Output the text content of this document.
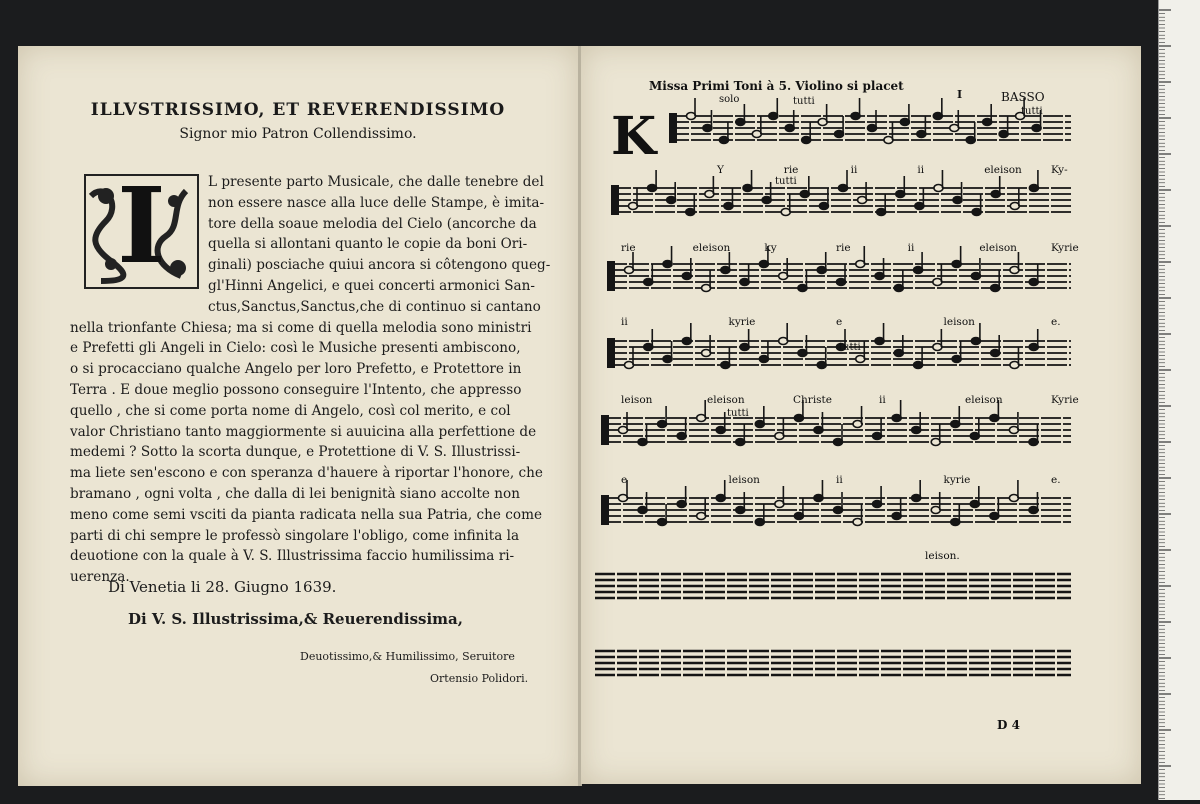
ILLVSTRISSIMO, ET REVERENDISSIMO
Signor mio Patron Collendissimo.
I	L presente parto Musicale, che dalle tenebre del
non essere nasce alla luce delle Stampe, è imita-
tore della soaue melodia del Cielo (ancorche da
quella si allontani quanto le copie da boni Ori-
ginali) posciache quiui ancora si côtengono queg-
gl'Hinni Angelici, e quei concerti armonici San-
ctus,Sanctus,Sanctus,che di continuo si cantano
nella trionfante Chiesa; ma si come di quella melodia sono ministri
e Prefetti gli Angeli in Cielo: così le Musiche presenti ambiscono,
o si procacciano qualche Angelo per loro Prefetto, e Protettore in
Terra . E doue meglio possono conseguire l'Intento, che appresso
quello , che si come porta nome di Angelo, così col merito, e col
valor Christiano tanto maggiormente si auuicina alla perfettione de
medemi ? Sotto la scorta dunque, e Protettione di V. S. Illustrissi-
ma liete sen'escono e con speranza d'hauere à riportar l'honore, che
bramano , ogni volta , che dalla di lei benignità siano accolte non
meno come semi vsciti da pianta radicata nella sua Patria, che come
parti di chi sempre le professò singolare l'obligo, come infinita la
deuotione con la quale à V. S. Illustrissima faccio humilissima ri-
uerenza.
Di Venetia li 28. Giugno 1639.
Di V. S. Illustrissima,& Reuerendissima,
Deuotissimo,& Humilissimo, Seruitore
Ortensio Polidori.
Missa Primi Toni à 5. Violino si placet
I	BASSO
K
Y	rie	ii	ii	eleison	Ky-
rie	eleison	ky	rie	ii	eleison	Kyrie
ii	kyrie	e	leison	e.
leison	eleison	Christe	ii	eleison	Kyrie
e	leison	ii	kyrie	e.
leison.
solo	tutti
tutti
tutti
tutti
tutti
D 4
